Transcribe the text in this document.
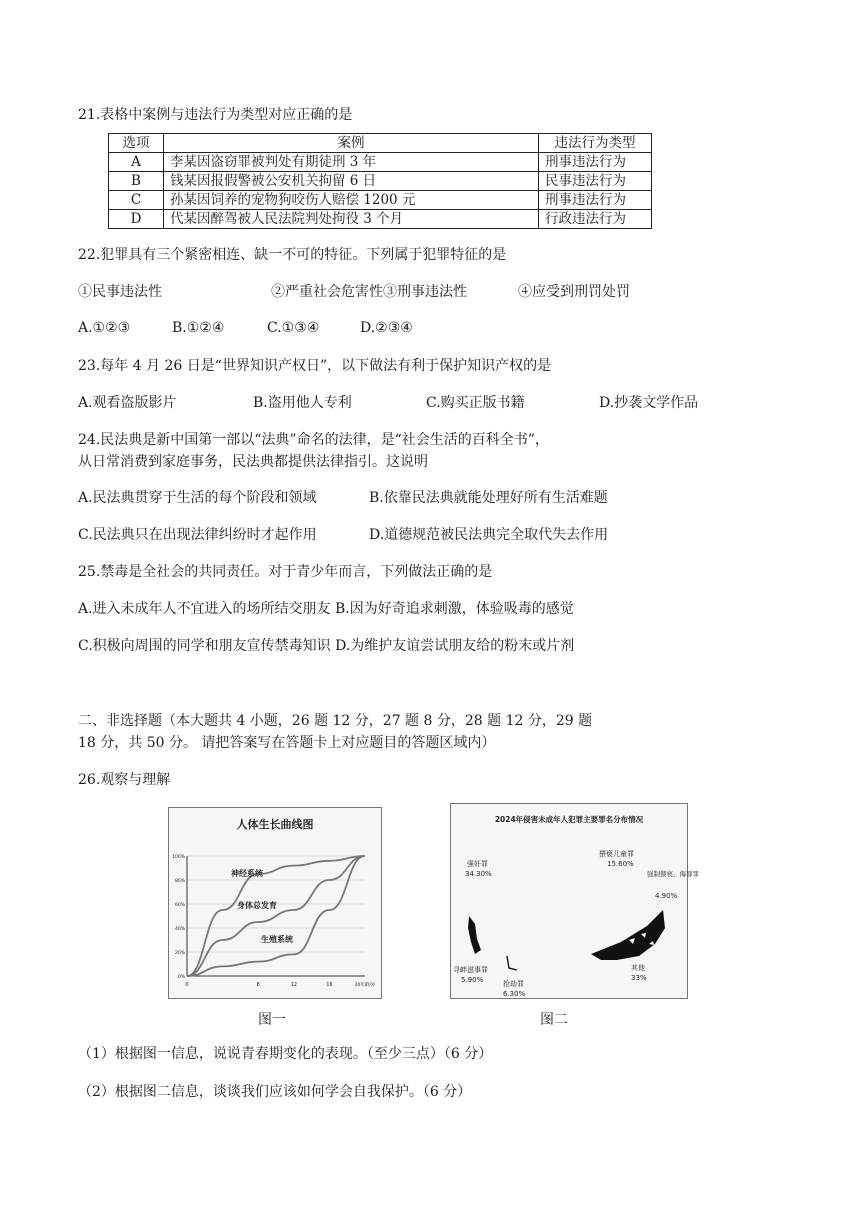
21.表格中案例与违法行为类型对应正确的是
选项	案例	违法行为类型
A	李某因盗窃罪被判处有期徒刑 3 年	刑事违法行为
B	钱某因报假警被公安机关拘留 6 日	民事违法行为
C	孙某因饲养的宠物狗咬伤人赔偿 1200 元	刑事违法行为
D	代某因醉驾被人民法院判处拘役 3 个月	行政违法行为
22.犯罪具有三个紧密相连、缺一不可的特征。下列属于犯罪特征的是
①民事违法性	②严重社会危害性③刑事违法性	④应受到刑罚处罚
A.①②③	B.①②④	C.①③④	D.②③④
23.每年 4 月 26 日是“世界知识产权日”，以下做法有利于保护知识产权的是
A.观看盗版影片	B.盗用他人专利	C.购买正版书籍	D.抄袭文学作品
24.民法典是新中国第一部以“法典”命名的法律，是“社会生活的百科全书”，
从日常消费到家庭事务，民法典都提供法律指引。这说明
A.民法典贯穿于生活的每个阶段和领域	B.依靠民法典就能处理好所有生活难题
C.民法典只在出现法律纠纷时才起作用	D.道德规范被民法典完全取代失去作用
25.禁毒是全社会的共同责任。对于青少年而言，下列做法正确的是
A.进入未成年人不宜进入的场所结交朋友 B.因为好奇追求刺激，体验吸毒的感觉
C.积极向周围的同学和朋友宣传禁毒知识 D.为维护友谊尝试朋友给的粉末或片剂
二、非选择题（本大题共 4 小题，26 题 12 分，27 题 8 分，28 题 12 分，29 题
18 分，共 50 分。 请把答案写在答题卡上对应题目的答题区域内）
26.观察与理解
人体生长曲线图
100%
80%
60%
40%
20%
0%
0	8	12	16	20年龄/岁
神经系统
身体总发育
生殖系统
图一
2024年侵害未成年人犯罪主要罪名分布情况
强奸罪
34.30%
猥亵儿童罪
15.60%
强制猥亵、侮辱罪
4.90%
寻衅滋事罪
5.90%	抢劫罪
6.30%
其他
33%
图二
（1）根据图一信息，说说青春期变化的表现。（至少三点）（6 分）
（2）根据图二信息，谈谈我们应该如何学会自我保护。（6 分）
